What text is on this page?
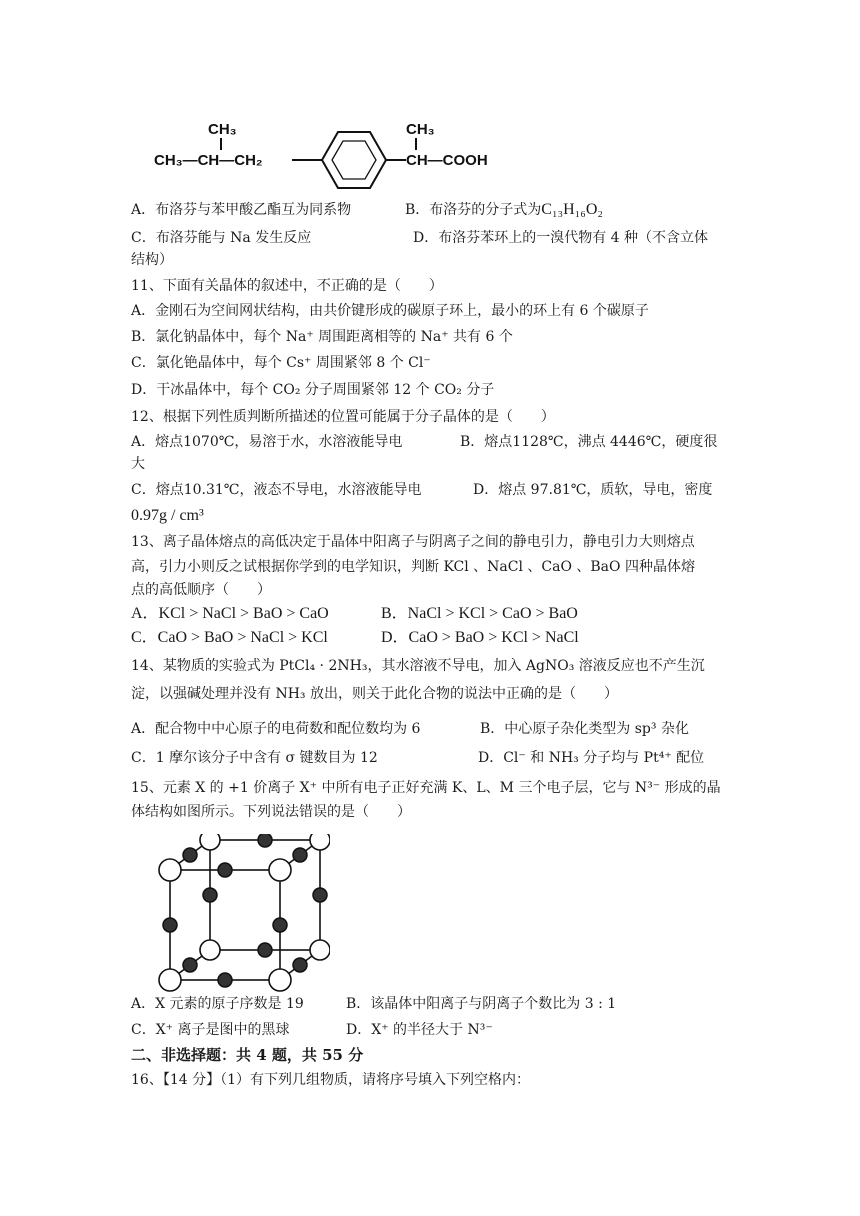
CH₃
CH₃—CH—CH₂
CH₃
CH—COOH
A．布洛芬与苯甲酸乙酯互为同系物	B．布洛芬的分子式为C₁₃H₁₆O₂
C．布洛芬能与 Na 发生反应	D．布洛芬苯环上的一溴代物有 4 种（不含立体
结构）
11、下面有关晶体的叙述中，不正确的是（　　）
A．金刚石为空间网状结构，由共价键形成的碳原子环上，最小的环上有 6 个碳原子
B．氯化钠晶体中，每个 Na⁺ 周围距离相等的 Na⁺ 共有 6 个
C．氯化铯晶体中，每个 Cs⁺ 周围紧邻 8 个 Cl⁻
D．干冰晶体中，每个 CO₂ 分子周围紧邻 12 个 CO₂ 分子
12、根据下列性质判断所描述的位置可能属于分子晶体的是（　　）
A．熔点1070℃，易溶于水，水溶液能导电	B．熔点1128℃，沸点 4446℃，硬度很
大
C．熔点10.31℃，液态不导电，水溶液能导电	D．熔点 97.81℃，质软，导电，密度
0.97g / cm³
13、离子晶体熔点的高低决定于晶体中阳离子与阴离子之间的静电引力，静电引力大则熔点
高，引力小则反之试根据你学到的电学知识，判断 KCl 、NaCl 、CaO 、BaO 四种晶体熔
点的高低顺序（　　）
A．KCl > NaCl > BaO > CaO	B．NaCl > KCl > CaO > BaO
C．CaO > BaO > NaCl > KCl	D．CaO > BaO > KCl > NaCl
14、某物质的实验式为 PtCl₄ · 2NH₃，其水溶液不导电，加入 AgNO₃ 溶液反应也不产生沉
淀，以强碱处理并没有 NH₃ 放出，则关于此化合物的说法中正确的是（　　）
A．配合物中中心原子的电荷数和配位数均为 6	B．中心原子杂化类型为 sp³ 杂化
C．1 摩尔该分子中含有 σ 键数目为 12	D．Cl⁻ 和 NH₃ 分子均与 Pt⁴⁺ 配位
15、元素 X 的 +1 价离子 X⁺ 中所有电子正好充满 K、L、M 三个电子层，它与 N³⁻ 形成的晶
体结构如图所示。下列说法错误的是（　　）
A．X 元素的原子序数是 19	B．该晶体中阳离子与阴离子个数比为 3 : 1
C．X⁺ 离子是图中的黑球	D．X⁺ 的半径大于 N³⁻
二、非选择题：共 4 题，共 55 分
16、【14 分】（1）有下列几组物质，请将序号填入下列空格内：
